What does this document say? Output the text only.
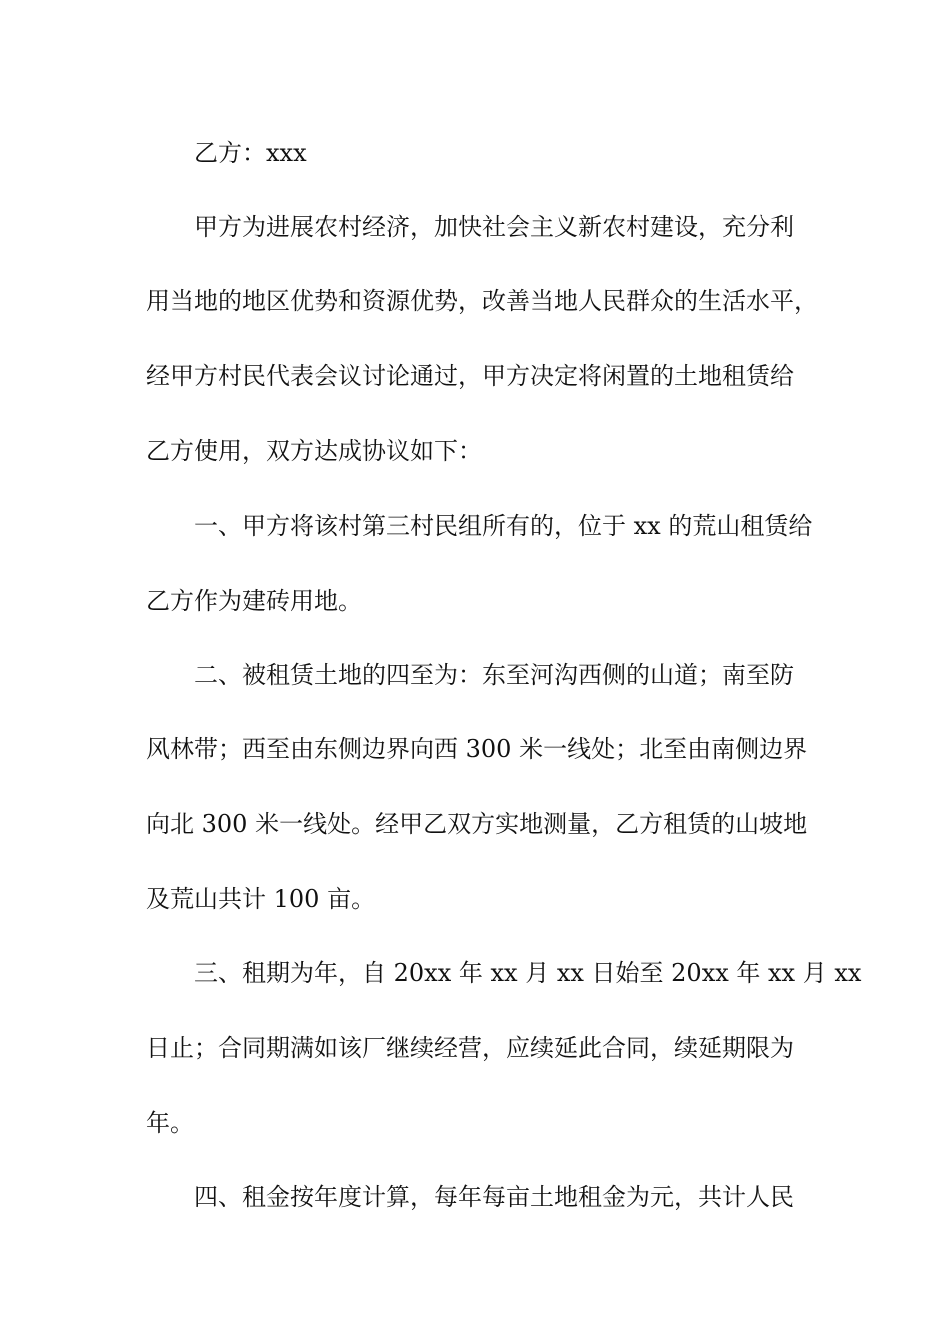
乙方：xxx

甲方为进展农村经济，加快社会主义新农村建设，充分利

用当地的地区优势和资源优势，改善当地人民群众的生活水平，

经甲方村民代表会议讨论通过，甲方决定将闲置的土地租赁给

乙方使用，双方达成协议如下：

一、甲方将该村第三村民组所有的，位于 xx 的荒山租赁给

乙方作为建砖用地。

二、被租赁土地的四至为：东至河沟西侧的山道；南至防

风林带；西至由东侧边界向西 300 米一线处；北至由南侧边界

向北 300 米一线处。经甲乙双方实地测量，乙方租赁的山坡地

及荒山共计 100 亩。

三、租期为年，自 20xx 年 xx 月 xx 日始至 20xx 年 xx 月 xx

日止；合同期满如该厂继续经营，应续延此合同，续延期限为

年。

四、租金按年度计算，每年每亩土地租金为元，共计人民
